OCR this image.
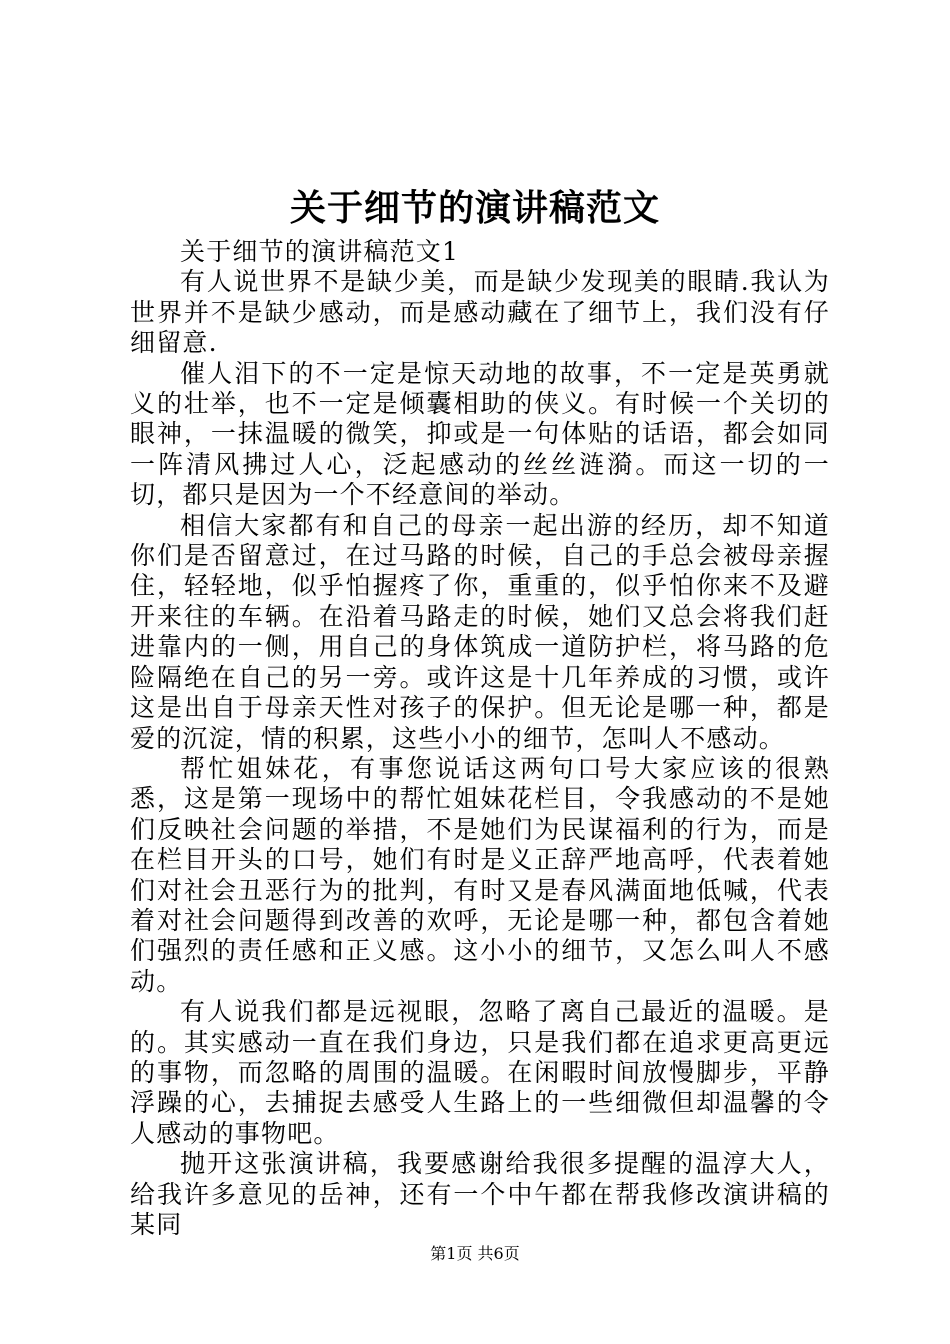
关于细节的演讲稿范文

关于细节的演讲稿范文1

有人说世界不是缺少美，而是缺少发现美的眼睛.我认为世界并不是缺少感动，而是感动藏在了细节上，我们没有仔细留意.

催人泪下的不一定是惊天动地的故事，不一定是英勇就义的壮举，也不一定是倾囊相助的侠义。有时候一个关切的眼神，一抹温暖的微笑，抑或是一句体贴的话语，都会如同一阵清风拂过人心，泛起感动的丝丝涟漪。而这一切的一切，都只是因为一个不经意间的举动。

相信大家都有和自己的母亲一起出游的经历，却不知道你们是否留意过，在过马路的时候，自己的手总会被母亲握住，轻轻地，似乎怕握疼了你，重重的，似乎怕你来不及避开来往的车辆。在沿着马路走的时候，她们又总会将我们赶进靠内的一侧，用自己的身体筑成一道防护栏，将马路的危险隔绝在自己的另一旁。或许这是十几年养成的习惯，或许这是出自于母亲天性对孩子的保护。但无论是哪一种，都是爱的沉淀，情的积累，这些小小的细节，怎叫人不感动。

帮忙姐妹花，有事您说话这两句口号大家应该的很熟悉，这是第一现场中的帮忙姐妹花栏目，令我感动的不是她们反映社会问题的举措，不是她们为民谋福利的行为，而是在栏目开头的口号，她们有时是义正辞严地高呼，代表着她们对社会丑恶行为的批判，有时又是春风满面地低喊，代表着对社会问题得到改善的欢呼，无论是哪一种，都包含着她们强烈的责任感和正义感。这小小的细节，又怎么叫人不感动。

有人说我们都是远视眼，忽略了离自己最近的温暖。是的。其实感动一直在我们身边，只是我们都在追求更高更远的事物，而忽略的周围的温暖。在闲暇时间放慢脚步，平静浮躁的心，去捕捉去感受人生路上的一些细微但却温馨的令人感动的事物吧。

抛开这张演讲稿，我要感谢给我很多提醒的温淳大人，给我许多意见的岳神，还有一个中午都在帮我修改演讲稿的某同

第1页 共6页
